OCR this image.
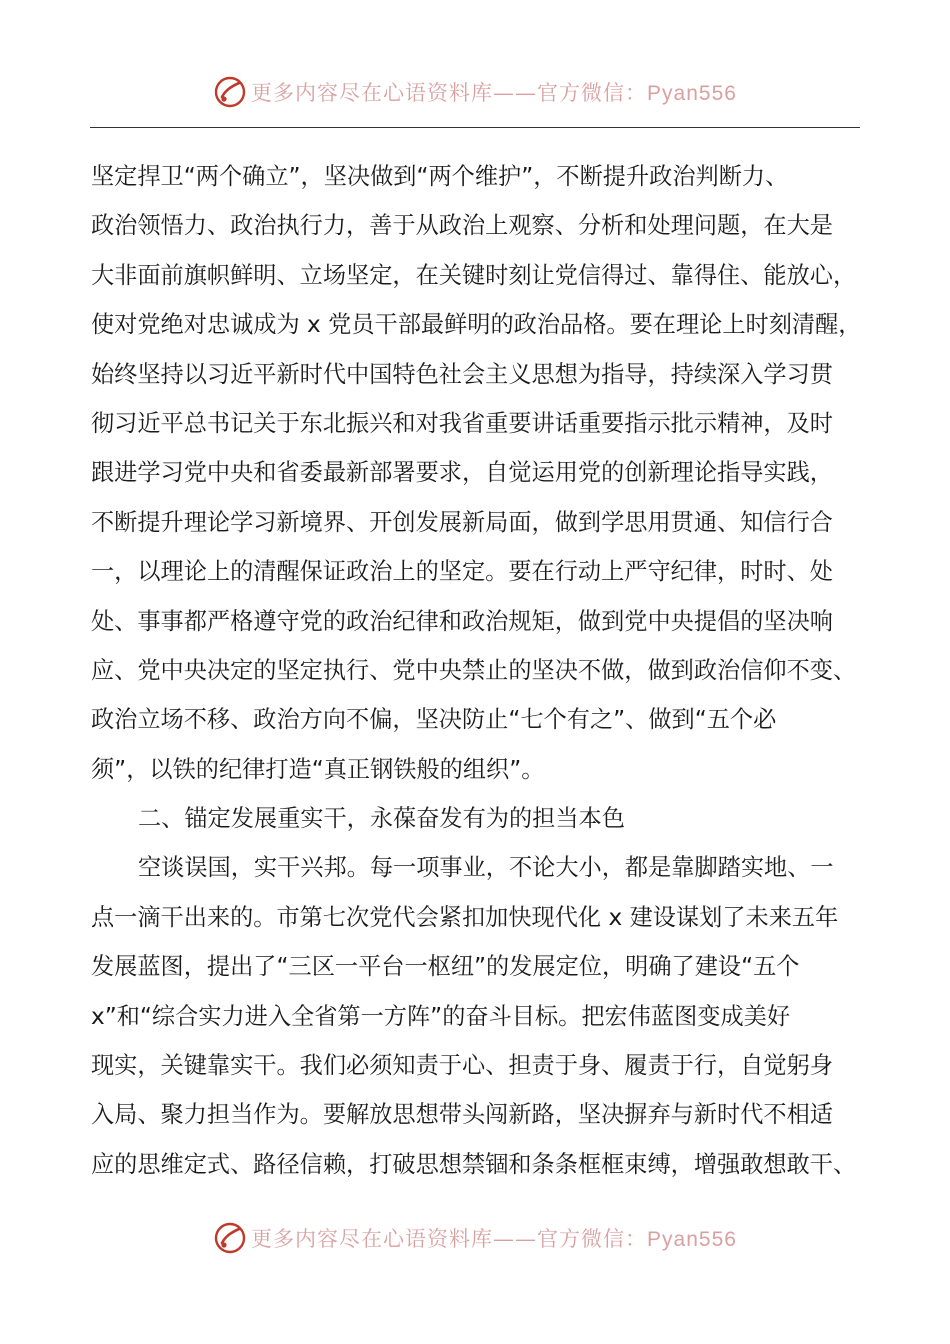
更多内容尽在心语资料库——官方微信：Pyan556
坚定捍卫“两个确立”，坚决做到“两个维护”，不断提升政治判断力、
政治领悟力、政治执行力，善于从政治上观察、分析和处理问题，在大是
大非面前旗帜鲜明、立场坚定，在关键时刻让党信得过、靠得住、能放心，
使对党绝对忠诚成为 x 党员干部最鲜明的政治品格。要在理论上时刻清醒，
始终坚持以习近平新时代中国特色社会主义思想为指导，持续深入学习贯
彻习近平总书记关于东北振兴和对我省重要讲话重要指示批示精神，及时
跟进学习党中央和省委最新部署要求，自觉运用党的创新理论指导实践，
不断提升理论学习新境界、开创发展新局面，做到学思用贯通、知信行合
一，以理论上的清醒保证政治上的坚定。要在行动上严守纪律，时时、处
处、事事都严格遵守党的政治纪律和政治规矩，做到党中央提倡的坚决响
应、党中央决定的坚定执行、党中央禁止的坚决不做，做到政治信仰不变、
政治立场不移、政治方向不偏，坚决防止“七个有之”、做到“五个必
须”，以铁的纪律打造“真正钢铁般的组织”。
二、锚定发展重实干，永葆奋发有为的担当本色
空谈误国，实干兴邦。每一项事业，不论大小，都是靠脚踏实地、一
点一滴干出来的。市第七次党代会紧扣加快现代化 x 建设谋划了未来五年
发展蓝图，提出了“三区一平台一枢纽”的发展定位，明确了建设“五个
x”和“综合实力进入全省第一方阵”的奋斗目标。把宏伟蓝图变成美好
现实，关键靠实干。我们必须知责于心、担责于身、履责于行，自觉躬身
入局、聚力担当作为。要解放思想带头闯新路，坚决摒弃与新时代不相适
应的思维定式、路径信赖，打破思想禁锢和条条框框束缚，增强敢想敢干、
更多内容尽在心语资料库——官方微信：Pyan556
